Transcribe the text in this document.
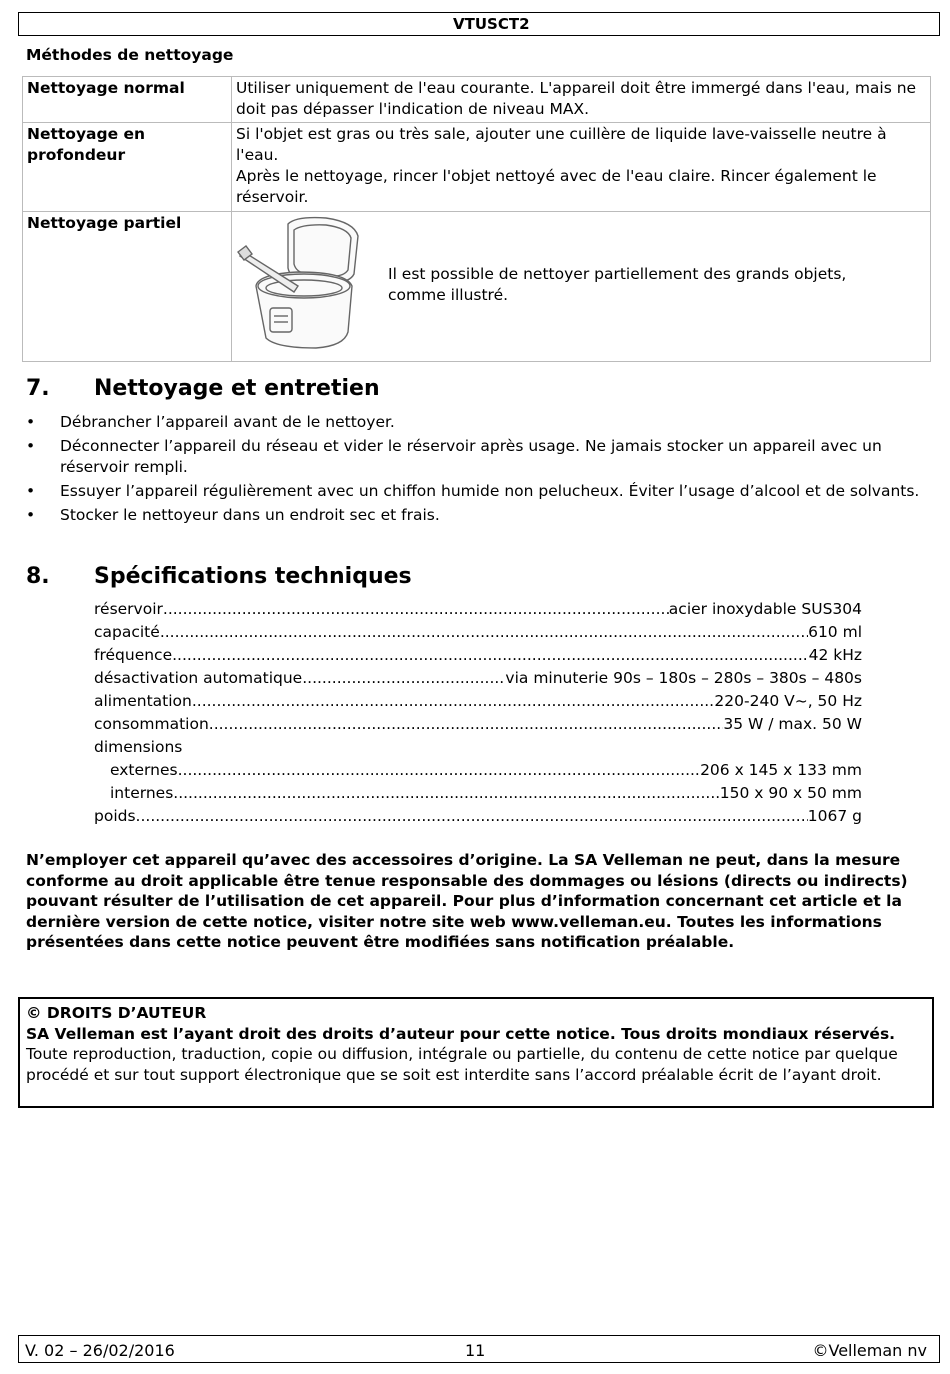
VTUSCT2
Méthodes de nettoyage
Nettoyage normal	Utiliser uniquement de l'eau courante. L'appareil doit être immergé dans l'eau, mais ne doit pas dépasser l'indication de niveau MAX.
Nettoyage en profondeur	Si l'objet est gras ou très sale, ajouter une cuillère de liquide lave-vaisselle neutre à l'eau.

Après le nettoyage, rincer l'objet nettoyé avec de l'eau claire. Rincer également le réservoir.

Nettoyage partiel	Il est possible de nettoyer partiellement des grands objets, comme illustré.
7. Nettoyage et entretien
• Débrancher l’appareil avant de le nettoyer.
• Déconnecter l’appareil du réseau et vider le réservoir après usage. Ne jamais stocker un appareil avec un réservoir rempli.
• Essuyer l’appareil régulièrement avec un chiffon humide non pelucheux. Éviter l’usage d’alcool et de solvants.
• Stocker le nettoyeur dans un endroit sec et frais.
8. Spécifications techniques
réservoir .....	acier inoxydable SUS304
capacité .....	610 ml
fréquence .....	42 kHz
désactivation automatique .....	via minuterie 90s – 180s – 280s – 380s – 480s
alimentation .....	220-240 V~, 50 Hz
consommation .....	35 W / max. 50 W
dimensions
externes .....	206 x 145 x 133 mm
internes .....	150 x 90 x 50 mm
poids .....	1067 g
N’employer cet appareil qu’avec des accessoires d’origine. La SA Velleman ne peut, dans la mesure conforme au droit applicable être tenue responsable des dommages ou lésions (directs ou indirects) pouvant résulter de l’utilisation de cet appareil. Pour plus d’information concernant cet article et la dernière version de cette notice, visiter notre site web www.velleman.eu. Toutes les informations présentées dans cette notice peuvent être modifiées sans notification préalable.
© DROITS D’AUTEUR
SA Velleman est l’ayant droit des droits d’auteur pour cette notice. Tous droits mondiaux réservés. Toute reproduction, traduction, copie ou diffusion, intégrale ou partielle, du contenu de cette notice par quelque procédé et sur tout support électronique que se soit est interdite sans l’accord préalable écrit de l’ayant droit.
V. 02 – 26/02/2016	11	©Velleman nv
